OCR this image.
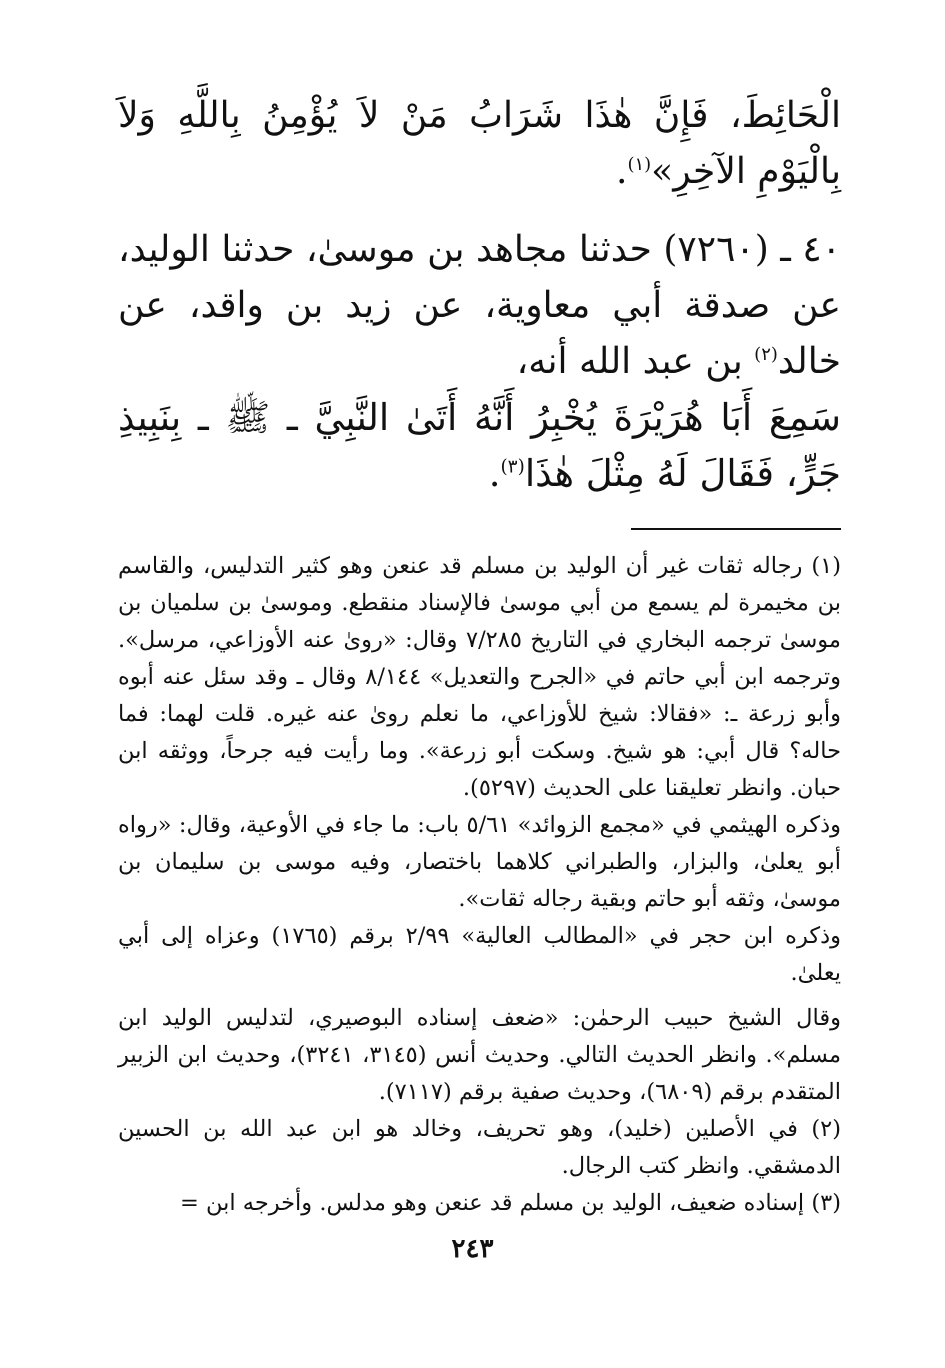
الْحَائِطَ، فَإِنَّ هٰذَا شَرَابُ مَنْ لاَ يُؤْمِنُ بِاللَّهِ وَلاَ بِالْيَوْمِ الآخِرِ»$^{(١)}$.

٤٠ ـ (٧٢٦٠) حدثنا مجاهد بن موسىٰ، حدثنا الوليد، عن صدقة أبي معاوية، عن زيد بن واقد، عن خالد$^{(٢)}$ بن عبد الله أنه،

سَمِعَ أَبَا هُرَيْرَةَ يُخْبِرُ أَنَّهُ أَتَىٰ النَّبِيَّ ـ ﷺ ـ بِنَبِيذِ جَرٍّ، فَقَالَ لَهُ مِثْلَ هٰذَا$^{(٣)}$.

(١) رجاله ثقات غير أن الوليد بن مسلم قد عنعن وهو كثير التدليس، والقاسم بن مخيمرة لم يسمع من أبي موسىٰ فالإسناد منقطع. وموسىٰ بن سلميان بن موسىٰ ترجمه البخاري في التاريخ ٧/٢٨٥ وقال: «روىٰ عنه الأوزاعي، مرسل». وترجمه ابن أبي حاتم في «الجرح والتعديل» ٨/١٤٤ وقال ـ وقد سئل عنه أبوه وأبو زرعة ـ: «فقالا: شيخ للأوزاعي، ما نعلم روىٰ عنه غيره. قلت لهما: فما حاله؟ قال أبي: هو شيخ. وسكت أبو زرعة». وما رأيت فيه جرحاً، ووثقه ابن حبان. وانظر تعليقنا على الحديث (٥٢٩٧).

وذكره الهيثمي في «مجمع الزوائد» ٥/٦١ باب: ما جاء في الأوعية، وقال: «رواه أبو يعلىٰ، والبزار، والطبراني كلاهما باختصار، وفيه موسى بن سليمان بن موسىٰ، وثقه أبو حاتم وبقية رجاله ثقات».

وذكره ابن حجر في «المطالب العالية» ٢/٩٩ برقم (١٧٦٥) وعزاه إلى أبي يعلىٰ.

وقال الشيخ حبيب الرحمٰن: «ضعف إسناده البوصيري، لتدليس الوليد ابن مسلم». وانظر الحديث التالي. وحديث أنس (٣١٤٥، ٣٢٤١)، وحديث ابن الزبير المتقدم برقم (٦٨٠٩)، وحديث صفية برقم (٧١١٧).

(٢) في الأصلين (خليد)، وهو تحريف، وخالد هو ابن عبد الله بن الحسين الدمشقي. وانظر كتب الرجال.

(٣) إسناده ضعيف، الوليد بن مسلم قد عنعن وهو مدلس. وأخرجه ابن =

٢٤٣
